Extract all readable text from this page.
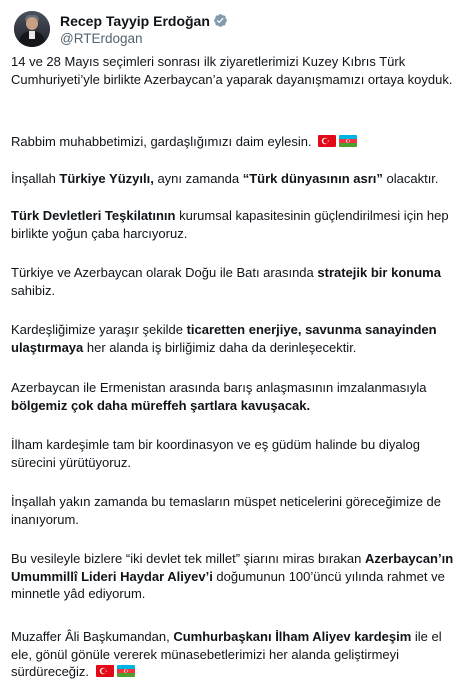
Recep Tayyip Erdoğan
@RTErdogan

14 ve 28 Mayıs seçimleri sonrası ilk ziyaretlerimizi Kuzey Kıbrıs Türk Cumhuriyeti’yle birlikte Azerbaycan’a yaparak dayanışmamızı ortaya koyduk.

Rabbim muhabbetimizi, gardaşlığımızı daim eylesin.

İnşallah Türkiye Yüzyılı, aynı zamanda “Türk dünyasının asrı” olacaktır.

Türk Devletleri Teşkilatının kurumsal kapasitesinin güçlendirilmesi için hep birlikte yoğun çaba harcıyoruz.

Türkiye ve Azerbaycan olarak Doğu ile Batı arasında stratejik bir konuma sahibiz.

Kardeşliğimize yaraşır şekilde ticaretten enerjiye, savunma sanayinden ulaştırmaya her alanda iş birliğimiz daha da derinleşecektir.

Azerbaycan ile Ermenistan arasında barış anlaşmasının imzalanmasıyla bölgemiz çok daha müreffeh şartlara kavuşacak.

İlham kardeşimle tam bir koordinasyon ve eş güdüm halinde bu diyalog sürecini yürütüyoruz.

İnşallah yakın zamanda bu temasların müspet neticelerini göreceğimize de inanıyorum.

Bu vesileyle bizlere “iki devlet tek millet” şiarını miras bırakan Azerbaycan’ın Umummillî Lideri Haydar Aliyev’i doğumunun 100’üncü yılında rahmet ve minnetle yâd ediyorum.

Muzaffer Âli Başkumandan, Cumhurbaşkanı İlham Aliyev kardeşim ile el ele, gönül gönüle vererek münasebetlerimizi her alanda geliştirmeyi sürdüreceğiz.
